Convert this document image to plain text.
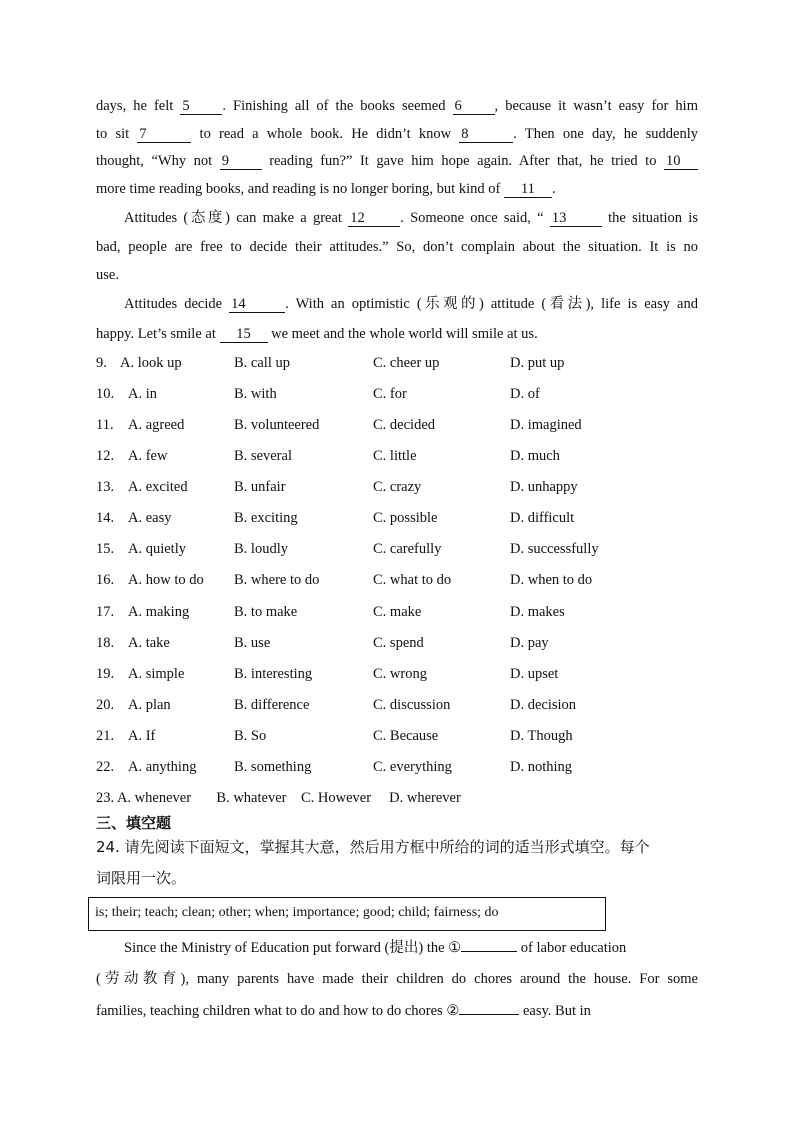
days, he felt 5 . Finishing all of the books seemed 6 , because it wasn’t easy for him
to sit 7	to read a whole book. He didn’t know 8	. Then one day, he suddenly
thought, “Why not 9 reading fun?” It gave him hope again. After that, he tried to 10
more time reading books, and reading is no longer boring, but kind of 11 .
Attitudes (态度) can make a great 12 . Someone once said, “ 13 the situation is
bad, people are free to decide their attitudes.” So, don’t complain about the situation. It is no
use.
Attitudes decide 14	. With an optimistic (乐观的) attitude (看法), life is easy and
happy. Let’s smile at 15 we meet and the whole world will smile at us.
9. A. look up	B. call up	C. cheer up	D. put up
10. A. in	B. with	C. for	D. of
11. A. agreed	B. volunteered	C. decided	D. imagined
12. A. few	B. several	C. little	D. much
13. A. excited	B. unfair	C. crazy	D. unhappy
14. A. easy	B. exciting	C. possible	D. difficult
15. A. quietly	B. loudly	C. carefully	D. successfully
16. A. how to do B. where to do	C. what to do	D. when to do
17. A. making	B. to make	C. make	D. makes
18. A. take	B. use	C. spend	D. pay
19. A. simple	B. interesting	C. wrong	D. upset
20. A. plan	B. difference	C. discussion	D. decision
21. A. If	B. So	C. Because	D. Though
22. A. anything	B. something	C. everything	D. nothing
23. A. whenever       B. whatever    C. However     D. wherever
三、填空题
24. 请先阅读下面短文，掌握其大意，然后用方框中所给的词的适当形式填空。每个
词限用一次。
is; their; teach; clean; other; when; importance; good; child; fairness; do
Since the Ministry of Education put forward (提出) the ①	of labor education
(劳动教育), many parents have made their children do chores around the house. For some
families, teaching children what to do and how to do chores ②	easy. But in
